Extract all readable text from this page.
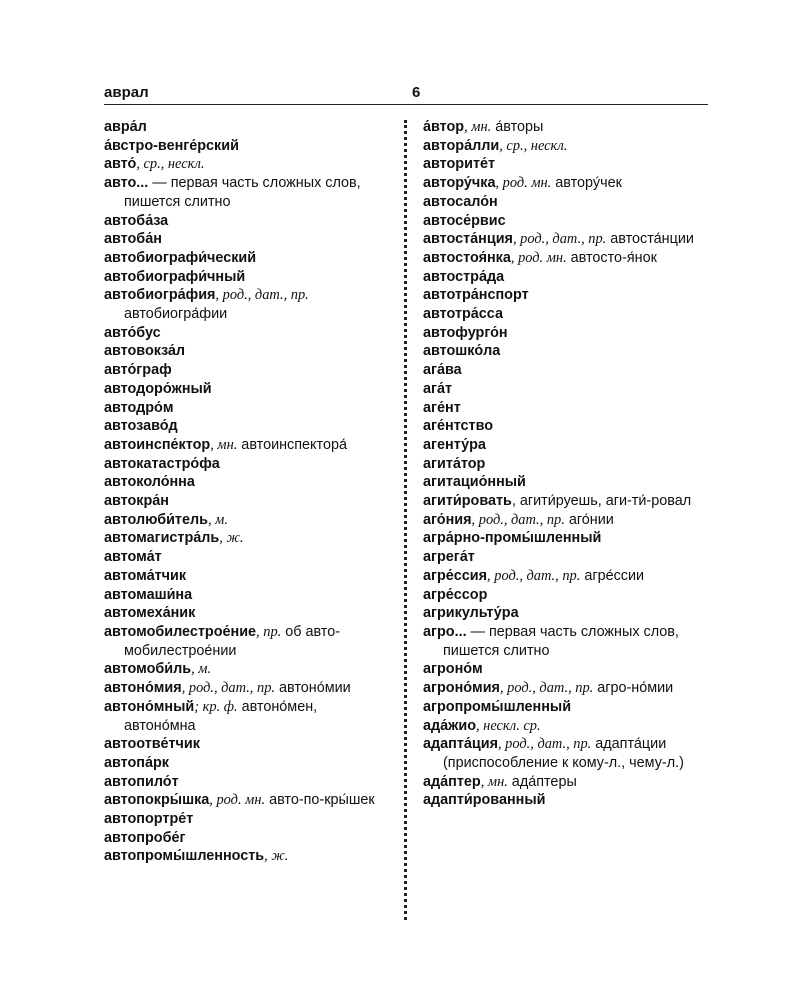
аврал	6

авра́л

а́встро-венге́рский

авто́, ср., нескл.

авто... — первая часть сложных слов, пишется слитно

автоба́за

автоба́н

автобиографи́ческий

автобиографи́чный

автобиогра́фия, род., дат., пр. автобиогра́фии

авто́бус

автовокза́л

авто́граф

автодоро́жный

автодро́м

автозаво́д

автоинспе́ктор, мн. автоинспектора́

автокатастро́фа

автоколо́нна

автокра́н

автолюби́тель, м.

автомагистра́ль, ж.

автома́т

автома́тчик

автомаши́на

автомеха́ник

автомобилестрое́ние, пр. об авто-мобилестрое́нии

автомоби́ль, м.

автоно́мия, род., дат., пр. автоно́мии

автоно́мный; кр. ф. автоно́мен, автоно́мна

автоотве́тчик

автопа́рк

автопило́т

автопокры́шка, род. мн. авто-по-кры́шек

автопортре́т

автопробе́г

автопромы́шленность, ж.

а́втор, мн. а́вторы

автора́лли, ср., нескл.

авторите́т

автору́чка, род. мн. автору́чек

автосало́н

автосе́рвис

автоста́нция, род., дат., пр. автоста́нции

автостоя́нка, род. мн. автосто-я́нок

автостра́да

автотра́нспорт

автотра́сса

автофурго́н

автошко́ла

ага́ва

ага́т

аге́нт

аге́нтство

агенту́ра

агита́тор

агитацио́нный

агити́ровать, агити́руешь, аги-ти́-ровал

аго́ния, род., дат., пр. аго́нии

агра́рно-промы́шленный

агрега́т

агре́ссия, род., дат., пр. агре́ссии

агре́ссор

агрикульту́ра

агро... — первая часть сложных слов, пишется слитно

агроно́м

агроно́мия, род., дат., пр. агро-но́мии

агропромы́шленный

ада́жио, нескл. ср.

адапта́ция, род., дат., пр. адапта́ции (приспособление к кому-л., чему-л.)

ада́птер, мн. ада́птеры

адапти́рованный
